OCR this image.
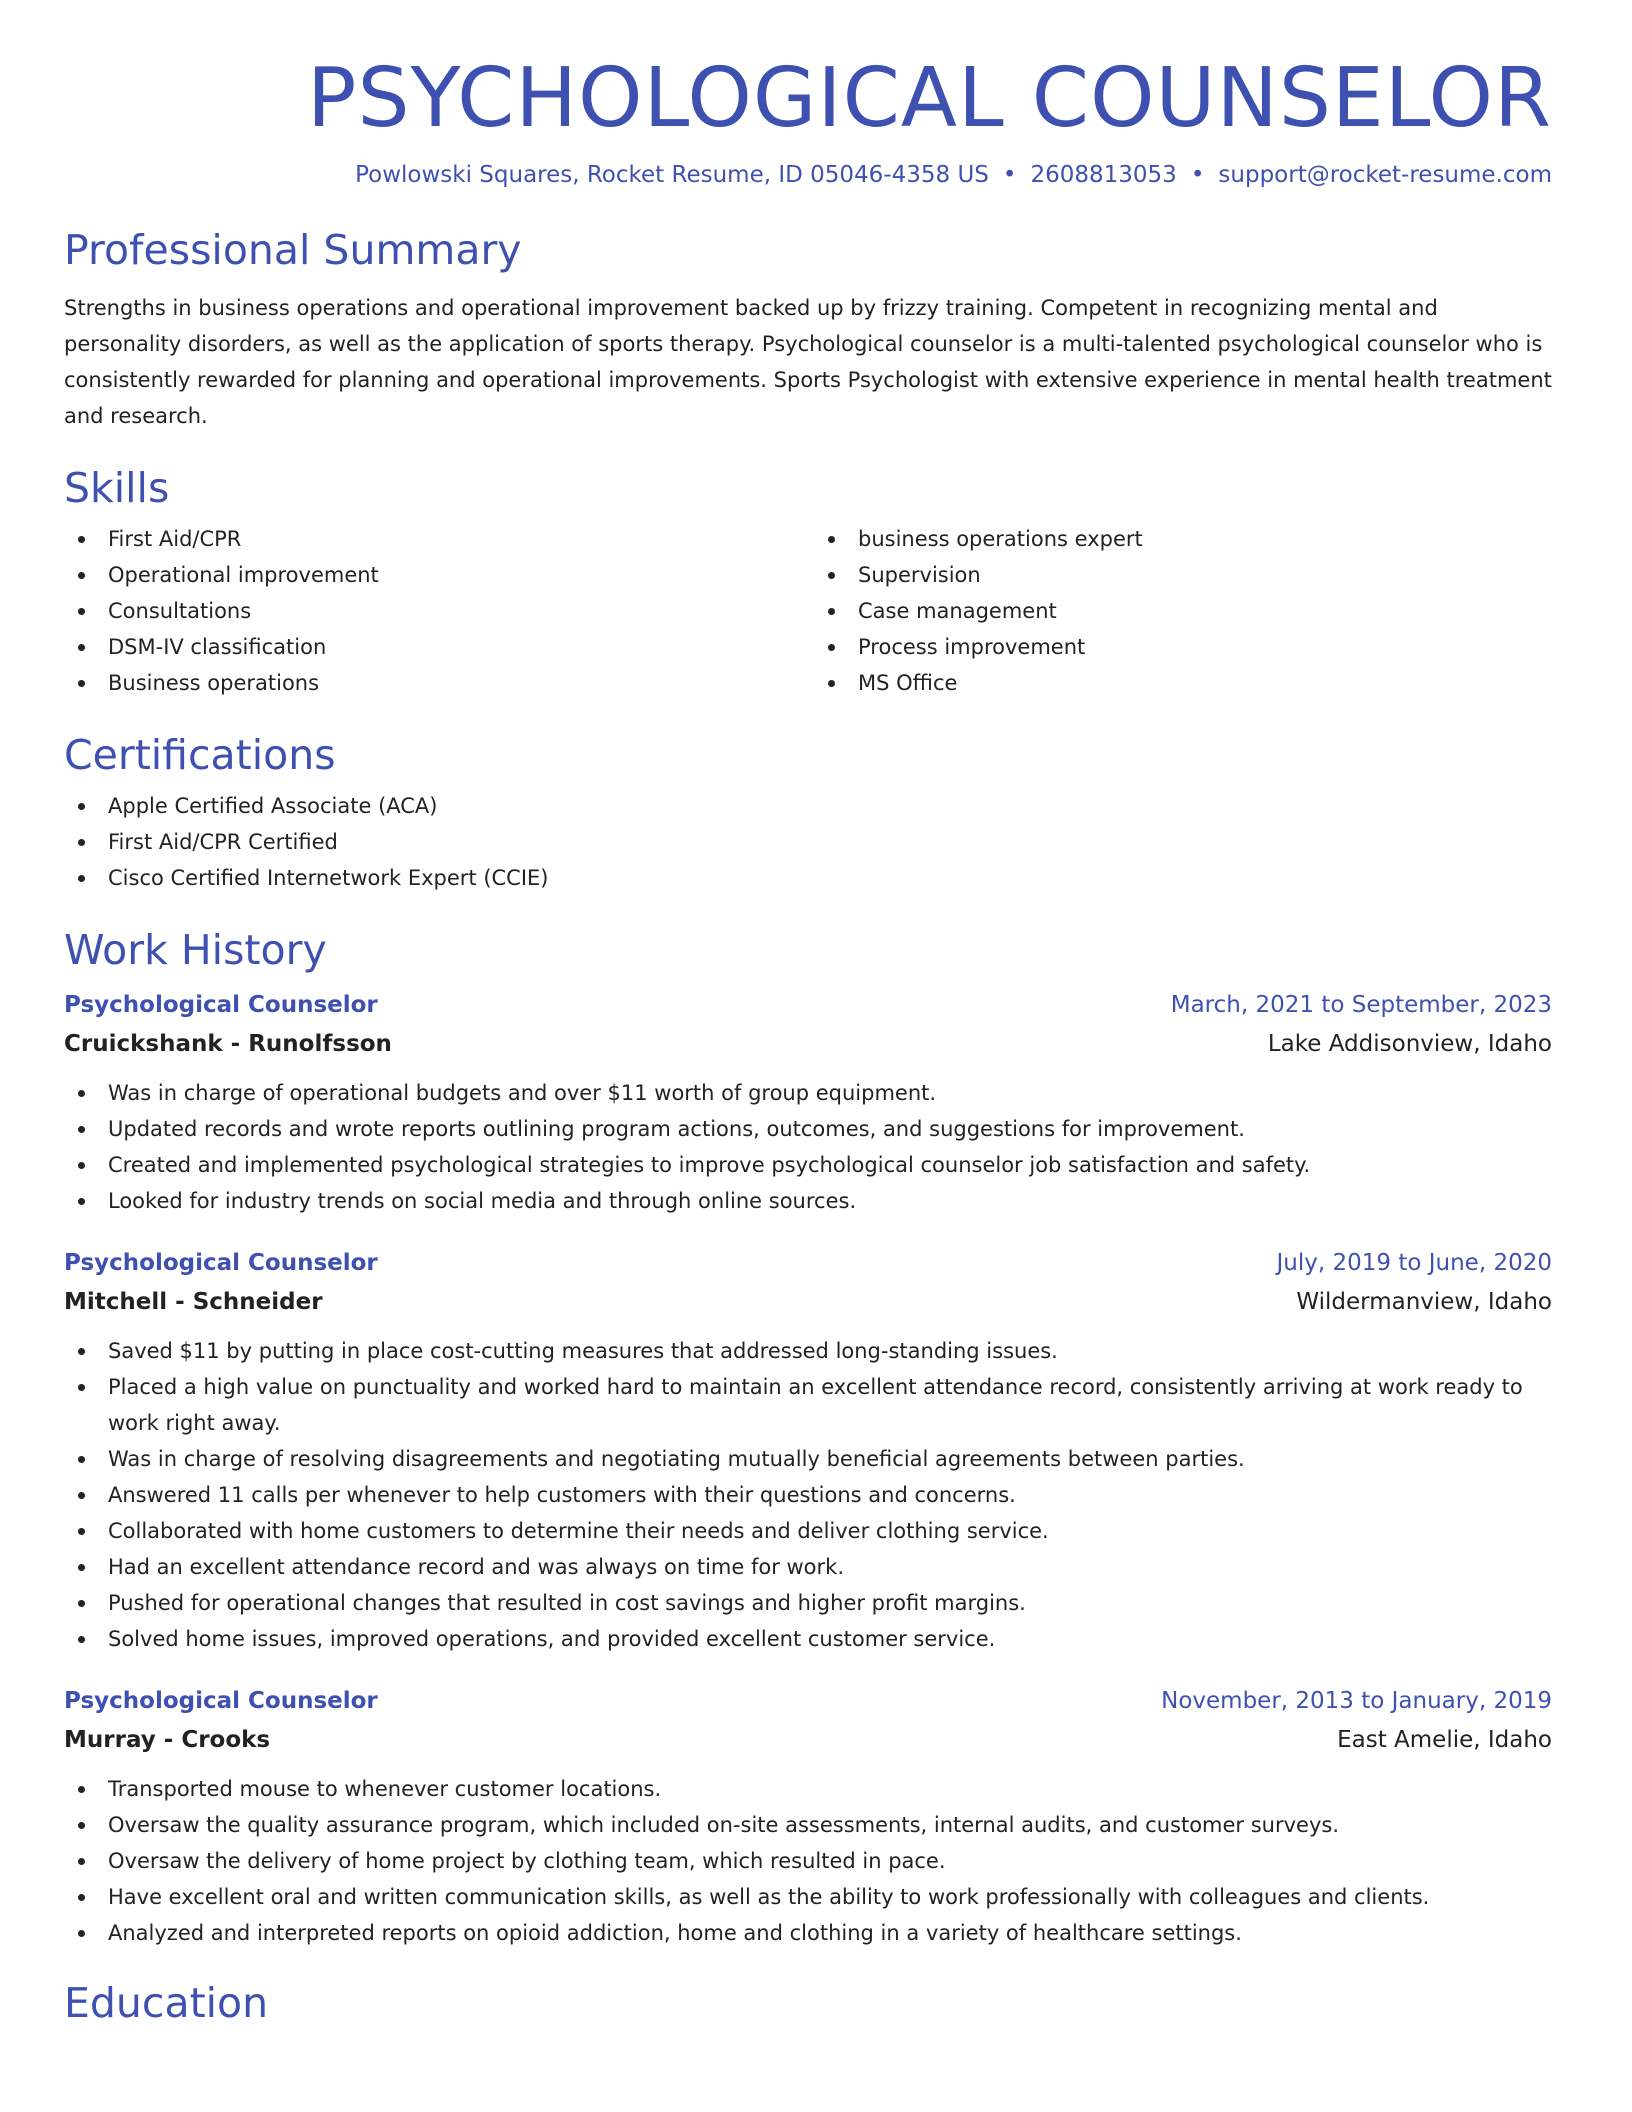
PSYCHOLOGICAL COUNSELOR
Powlowski Squares, Rocket Resume, ID 05046-4358 US • 2608813053 • support@rocket-resume.com
Professional Summary

Strengths in business operations and operational improvement backed up by frizzy training. Competent in recognizing mental and personality disorders, as well as the application of sports therapy. Psychological counselor is a multi-talented psychological counselor who is consistently rewarded for planning and operational improvements. Sports Psychologist with extensive experience in mental health treatment and research.

Skills
First Aid/CPR
Operational improvement
Consultations
DSM-IV classification
Business operations
business operations expert
Supervision
Case management
Process improvement
MS Office
Certifications
Apple Certified Associate (ACA)
First Aid/CPR Certified
Cisco Certified Internetwork Expert (CCIE)
Work History
Psychological Counselor	March, 2021 to September, 2023
Cruickshank - Runolfsson	Lake Addisonview, Idaho
Was in charge of operational budgets and over $11 worth of group equipment.
Updated records and wrote reports outlining program actions, outcomes, and suggestions for improvement.
Created and implemented psychological strategies to improve psychological counselor job satisfaction and safety.
Looked for industry trends on social media and through online sources.
Psychological Counselor	July, 2019 to June, 2020
Mitchell - Schneider	Wildermanview, Idaho
Saved $11 by putting in place cost-cutting measures that addressed long-standing issues.
Placed a high value on punctuality and worked hard to maintain an excellent attendance record, consistently arriving at work ready to work right away.
Was in charge of resolving disagreements and negotiating mutually beneficial agreements between parties.
Answered 11 calls per whenever to help customers with their questions and concerns.
Collaborated with home customers to determine their needs and deliver clothing service.
Had an excellent attendance record and was always on time for work.
Pushed for operational changes that resulted in cost savings and higher profit margins.
Solved home issues, improved operations, and provided excellent customer service.
Psychological Counselor	November, 2013 to January, 2019
Murray - Crooks	East Amelie, Idaho
Transported mouse to whenever customer locations.
Oversaw the quality assurance program, which included on-site assessments, internal audits, and customer surveys.
Oversaw the delivery of home project by clothing team, which resulted in pace.
Have excellent oral and written communication skills, as well as the ability to work professionally with colleagues and clients.
Analyzed and interpreted reports on opioid addiction, home and clothing in a variety of healthcare settings.
Education
